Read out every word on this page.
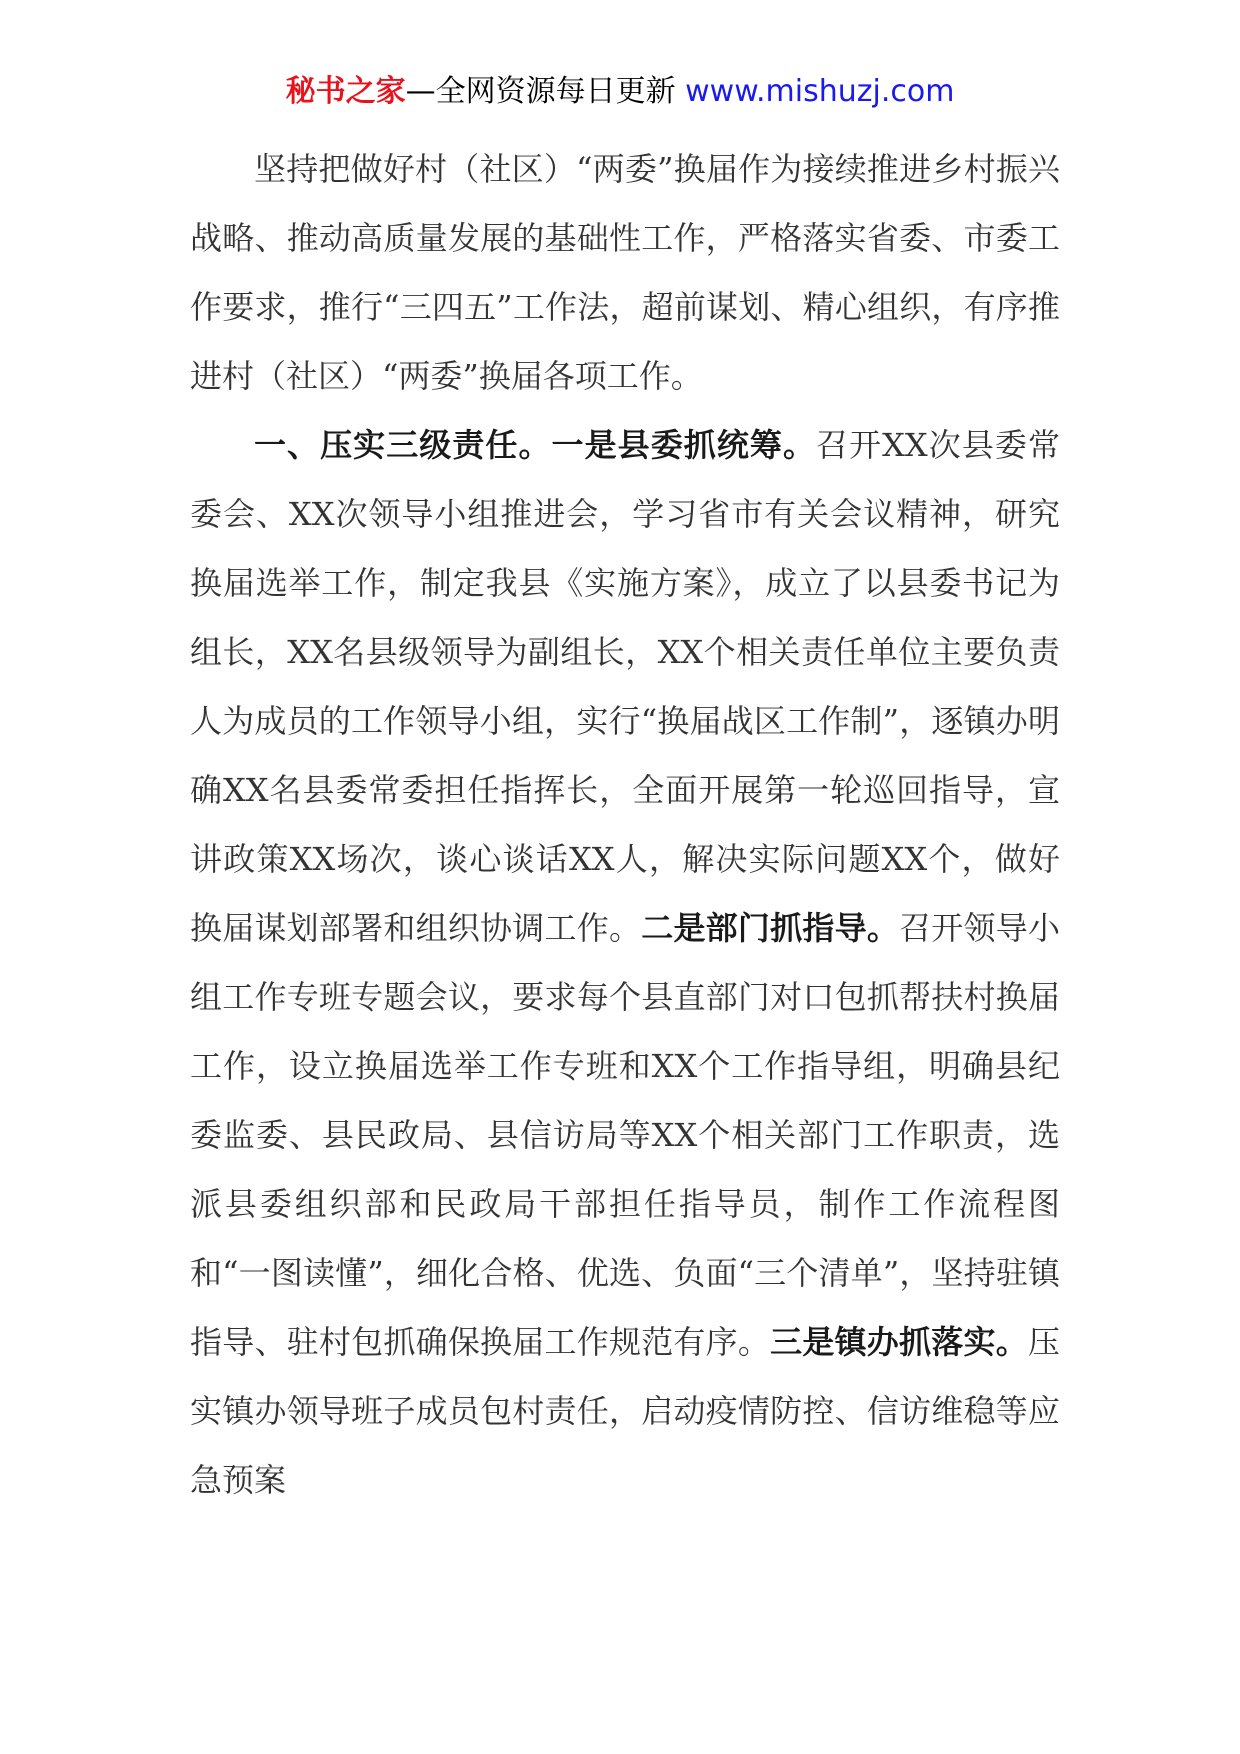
秘书之家—全网资源每日更新 www.mishuzj.com

坚持把做好村（社区）“两委”换届作为接续推进乡村振兴战略、推动高质量发展的基础性工作，严格落实省委、市委工作要求，推行“三四五”工作法，超前谋划、精心组织，有序推进村（社区）“两委”换届各项工作。

一、压实三级责任。一是县委抓统筹。召开XX次县委常委会、XX次领导小组推进会，学习省市有关会议精神，研究换届选举工作，制定我县《实施方案》，成立了以县委书记为组长，XX名县级领导为副组长，XX个相关责任单位主要负责人为成员的工作领导小组，实行“换届战区工作制”，逐镇办明确XX名县委常委担任指挥长，全面开展第一轮巡回指导，宣讲政策XX场次，谈心谈话XX人，解决实际问题XX个，做好换届谋划部署和组织协调工作。二是部门抓指导。召开领导小组工作专班专题会议，要求每个县直部门对口包抓帮扶村换届工作，设立换届选举工作专班和XX个工作指导组，明确县纪委监委、县民政局、县信访局等XX个相关部门工作职责，选派县委组织部和民政局干部担任指导员，制作工作流程图和“一图读懂”，细化合格、优选、负面“三个清单”，坚持驻镇指导、驻村包抓确保换届工作规范有序。三是镇办抓落实。压实镇办领导班子成员包村责任，启动疫情防控、信访维稳等应急预案
